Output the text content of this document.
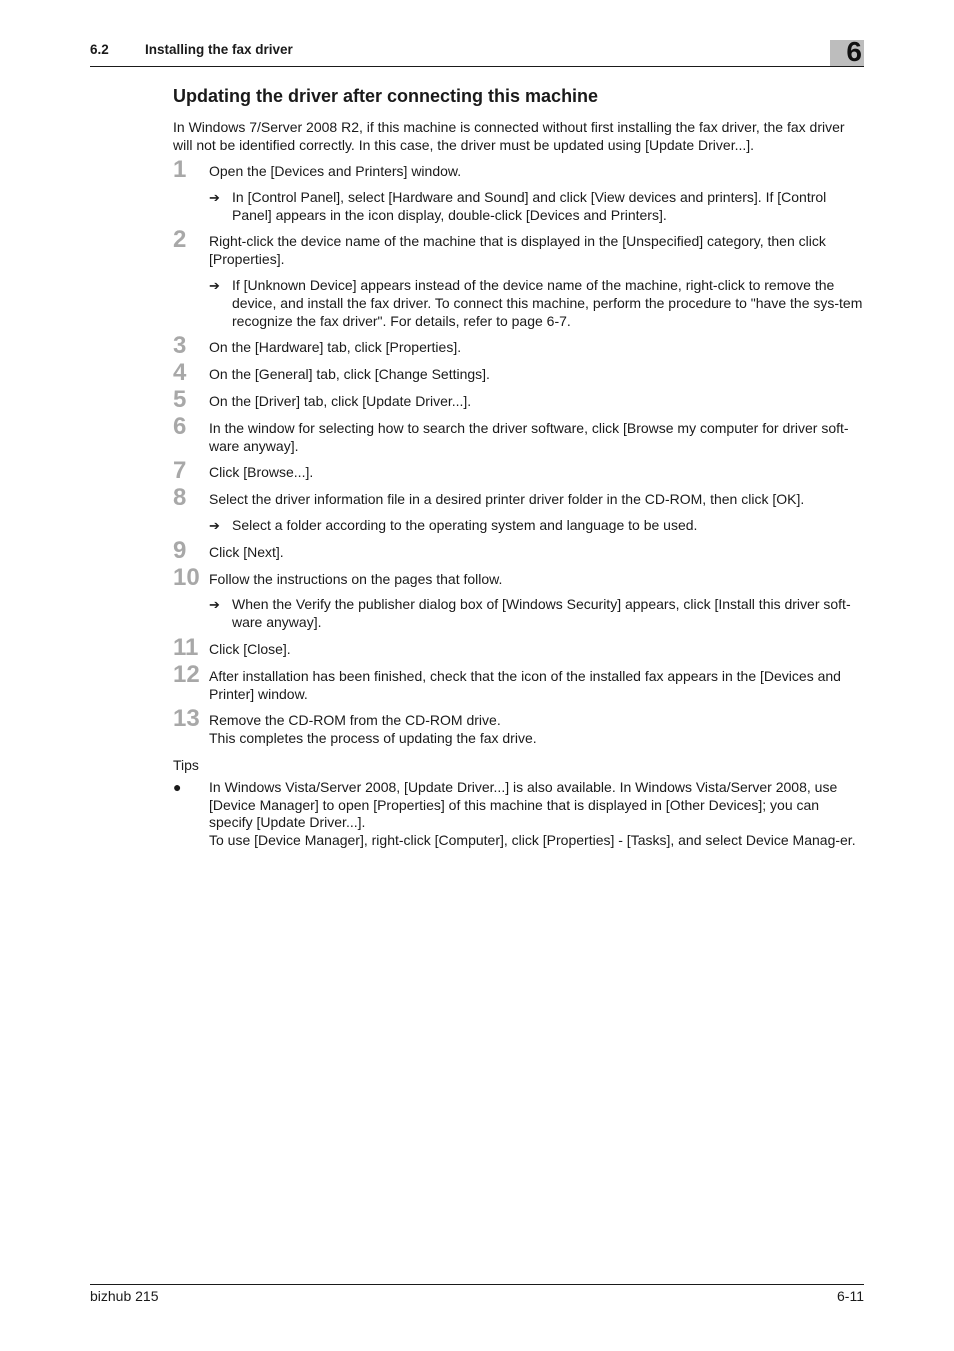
6.2	Installing the fax driver	6
Updating the driver after connecting this machine

In Windows 7/Server 2008 R2, if this machine is connected without first installing the fax driver, the fax driver will not be identified correctly. In this case, the driver must be updated using [Update Driver...].

1 Open the [Devices and Printers] window.

➔ In [Control Panel], select [Hardware and Sound] and click [View devices and printers]. If [Control Panel] appears in the icon display, double-click [Devices and Printers].
2 Right-click the device name of the machine that is displayed in the [Unspecified] category, then click [Properties].

➔ If [Unknown Device] appears instead of the device name of the machine, right-click to remove the device, and install the fax driver. To connect this machine, perform the procedure to "have the sys-tem recognize the fax driver". For details, refer to page 6-7.
3 On the [Hardware] tab, click [Properties].

4 On the [General] tab, click [Change Settings].

5 On the [Driver] tab, click [Update Driver...].

6 In the window for selecting how to search the driver software, click [Browse my computer for driver soft-ware anyway].

7 Click [Browse...].

8 Select the driver information file in a desired printer driver folder in the CD-ROM, then click [OK].

➔ Select a folder according to the operating system and language to be used.
9 Click [Next].

10 Follow the instructions on the pages that follow.

➔ When the Verify the publisher dialog box of [Windows Security] appears, click [Install this driver soft-ware anyway].
11 Click [Close].

12 After installation has been finished, check that the icon of the installed fax appears in the [Devices and Printer] window.

13 Remove the CD-ROM from the CD-ROM drive.

This completes the process of updating the fax drive.

Tips

● In Windows Vista/Server 2008, [Update Driver...] is also available. In Windows Vista/Server 2008, use [Device Manager] to open [Properties] of this machine that is displayed in [Other Devices]; you can specify [Update Driver...].

To use [Device Manager], right-click [Computer], click [Properties] - [Tasks], and select Device Manag-er.

bizhub 215	6-11
